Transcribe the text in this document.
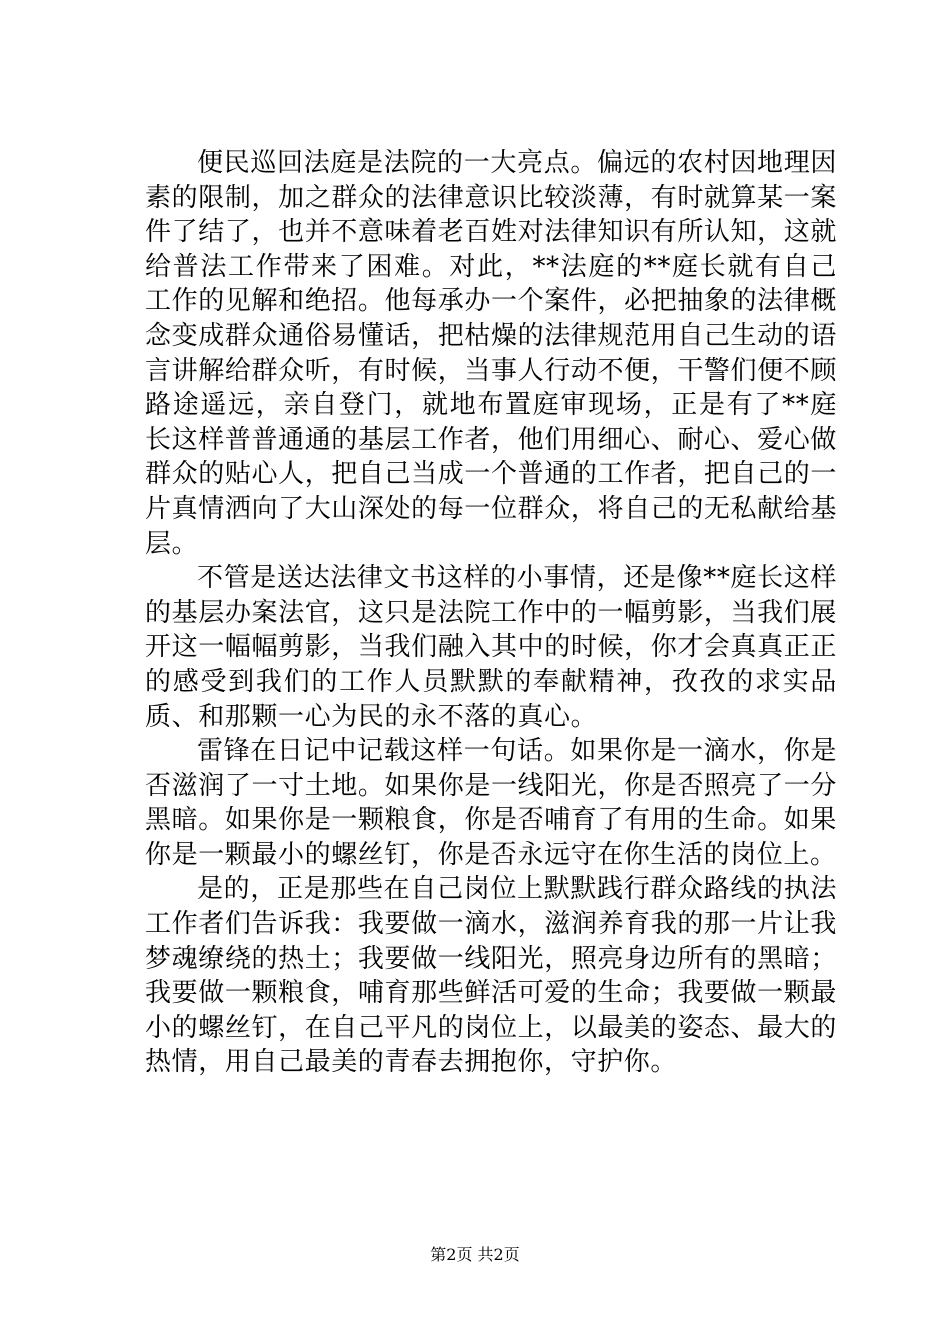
便民巡回法庭是法院的一大亮点。偏远的农村因地理因素的限制，加之群众的法律意识比较淡薄，有时就算某一案件了结了，也并不意味着老百姓对法律知识有所认知，这就给普法工作带来了困难。对此，**法庭的**庭长就有自己工作的见解和绝招。他每承办一个案件，必把抽象的法律概念变成群众通俗易懂话，把枯燥的法律规范用自己生动的语言讲解给群众听，有时候，当事人行动不便，干警们便不顾路途遥远，亲自登门，就地布置庭审现场，正是有了**庭长这样普普通通的基层工作者，他们用细心、耐心、爱心做群众的贴心人，把自己当成一个普通的工作者，把自己的一片真情洒向了大山深处的每一位群众，将自己的无私献给基层。

不管是送达法律文书这样的小事情，还是像**庭长这样的基层办案法官，这只是法院工作中的一幅剪影，当我们展开这一幅幅剪影，当我们融入其中的时候，你才会真真正正的感受到我们的工作人员默默的奉献精神，孜孜的求实品质、和那颗一心为民的永不落的真心。

雷锋在日记中记载这样一句话。如果你是一滴水，你是否滋润了一寸土地。如果你是一线阳光，你是否照亮了一分黑暗。如果你是一颗粮食，你是否哺育了有用的生命。如果你是一颗最小的螺丝钉，你是否永远守在你生活的岗位上。

是的，正是那些在自己岗位上默默践行群众路线的执法工作者们告诉我：我要做一滴水，滋润养育我的那一片让我梦魂缭绕的热土；我要做一线阳光，照亮身边所有的黑暗；我要做一颗粮食，哺育那些鲜活可爱的生命；我要做一颗最小的螺丝钉，在自己平凡的岗位上，以最美的姿态、最大的热情，用自己最美的青春去拥抱你，守护你。

第2页 共2页
